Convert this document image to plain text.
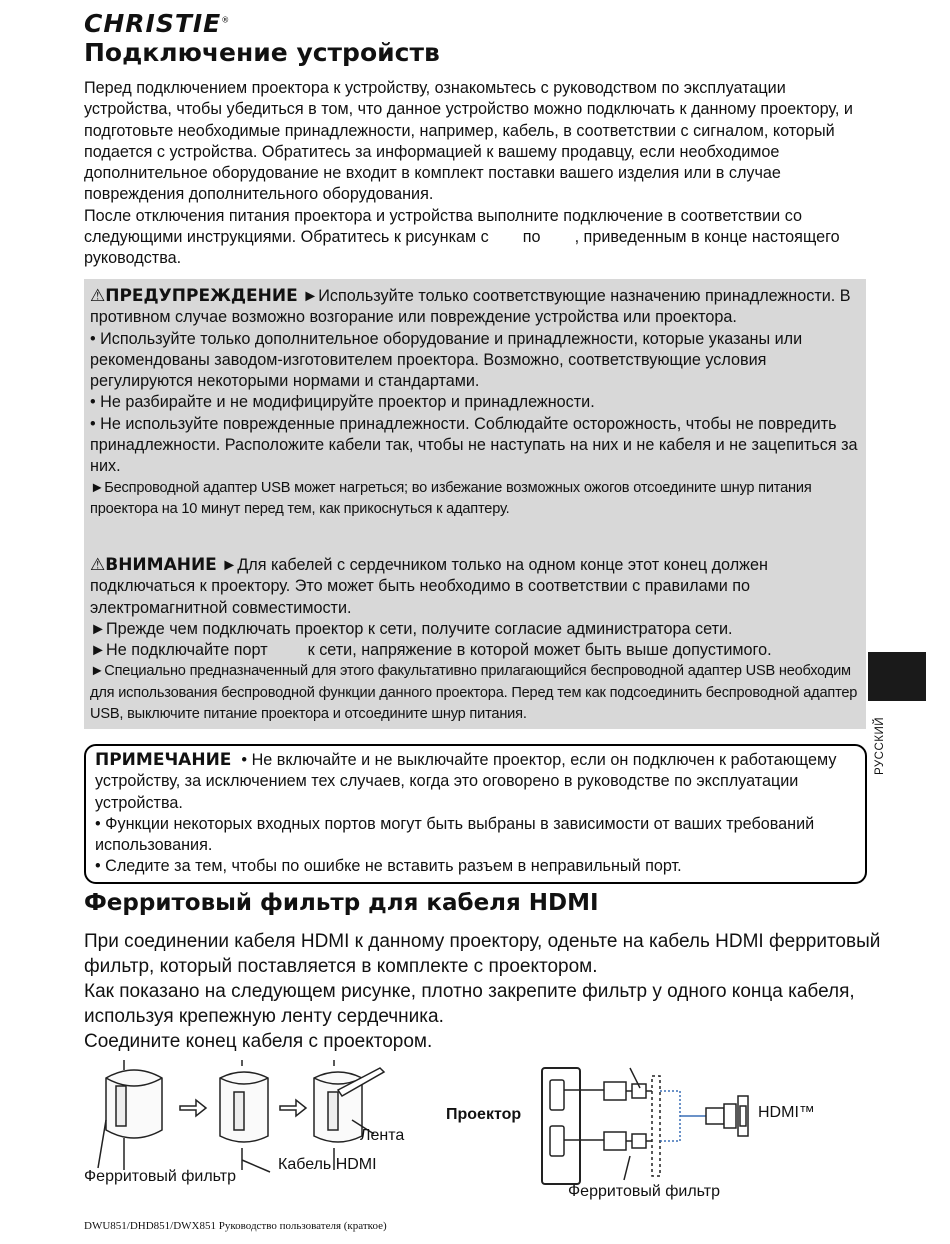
CHRISTIE®
Подключение устройств

Перед подключением проектора к устройству, ознакомьтесь с руководством по эксплуатации устройства, чтобы убедиться в том, что данное устройство можно подключать к данному проектору, и подготовьте необходимые принадлежности, например, кабель, в соответствии с сигналом, который подается с устройства. Обратитесь за информацией к вашему продавцу, если необходимое дополнительное оборудование не входит в комплект поставки вашего изделия или в случае повреждения дополнительного оборудования.

После отключения питания проектора и устройства выполните подключение в соответствии со следующими инструкциями. Обратитесь к рисункам с по , приведенным в конце настоящего руководства.

⚠ПРЕДУПРЕЖДЕНИЕ ►Используйте только соответствующие назначению принадлежности. В противном случае возможно возгорание или повреждение устройства или проектора.
• Используйте только дополнительное оборудование и принадлежности, которые указаны или рекомендованы заводом-изготовителем проектора. Возможно, соответствующие условия регулируются некоторыми нормами и стандартами.
• Не разбирайте и не модифицируйте проектор и принадлежности.
• Не используйте поврежденные принадлежности. Соблюдайте осторожность, чтобы не повредить принадлежности. Расположите кабели так, чтобы не наступать на них и не кабеля и не зацепиться за них.
►Беспроводной адаптер USB может нагреться; во избежание возможных ожогов отсоедините шнур питания проектора на 10 минут перед тем, как прикоснуться к адаптеру.
⚠ВНИМАНИЕ ►Для кабелей с сердечником только на одном конце этот конец должен подключаться к проектору. Это может быть необходимо в соответствии с правилами по электромагнитной совместимости.
►Прежде чем подключать проектор к сети, получите согласие администратора сети.
►Не подключайте порт к сети, напряжение в которой может быть выше допустимого.
►Специально предназначенный для этого факультативно прилагающийся беспроводной адаптер USB необходим для использования беспроводной функции данного проектора. Перед тем как подсоединить беспроводной адаптер USB, выключите питание проектора и отсоедините шнур питания.
ПРИМЕЧАНИЕ • Не включайте и не выключайте проектор, если он подключен к работающему устройству, за исключением тех случаев, когда это оговорено в руководстве по эксплуатации устройства.
• Функции некоторых входных портов могут быть выбраны в зависимости от ваших требований использования.
• Следите за тем, чтобы по ошибке не вставить разъем в неправильный порт.
Ферритовый фильтр для кабеля HDMI

При соединении кабеля HDMI к данному проектору, оденьте на кабель HDMI ферритовый фильтр, который поставляется в комплекте с проектором.

Как показано на следующем рисунке, плотно закрепите фильтр у одного конца кабеля, используя крепежную ленту сердечника.

Соедините конец кабеля с проектором.

РУССКИЙ
Лента
Кабель HDMI
Ферритовый фильтр
Проектор	HDMI™
Ферритовый фильтр
DWU851/DHD851/DWX851 Руководство пользователя (краткое)
